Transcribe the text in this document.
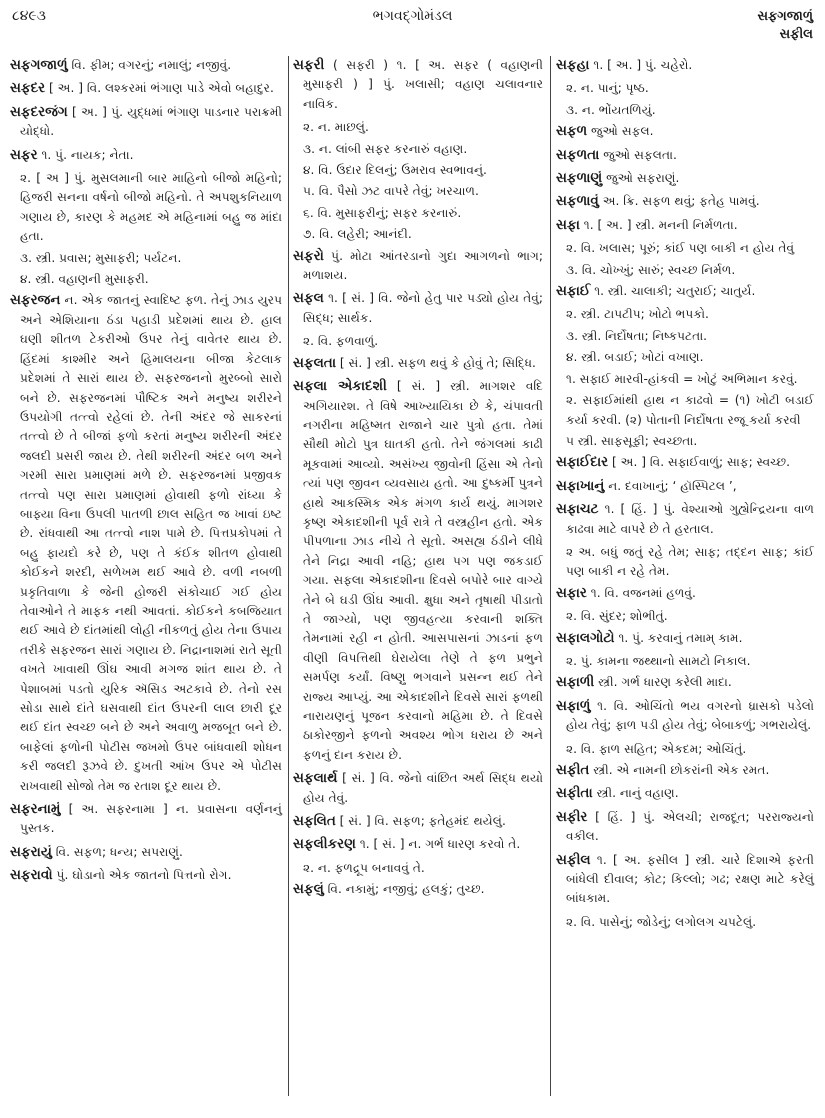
૮૪૯૩	ભગવદ્ગોમંડલ	સફગજાળું
સફીલ

સફગજાળું વિ. ફીમ; વગરનું; નમાલું; નજીવું.

સફદર [ અ. ] વિ. લશ્કરમાં ભંગાણ પાડે એવો બહાદુર.

સફદરજંગ [ અ. ] પું. યુદ્ધમાં ભંગાણ પાડનાર પરાક્રમી યોદ્ધો.

સફર ૧. પું. નાયક; નેતા.

૨. [ અ ] પું. મુસલમાની બાર માહિનો બીજો મહિનો; હિજરી સનના વર્ષનો બીજો મહિનો. તે અપશુકનિયાળ ગણાય છે, કારણ કે મહમદ એ મહિનામાં બહુ જ માંદા હતા.

૩. સ્ત્રી. પ્રવાસ; મુસાફરી; પર્યટન.

૪. સ્ત્રી. વહાણની મુસાફરી.

સફરજન ન. એક જાતનું સ્વાદિષ્ટ ફળ. તેનું ઝાડ યુરપ અને એશિયાના ઠંડા પહાડી પ્રદેશમાં થાય છે. હાલ ઘણી શીતળ ટેકરીઓ ઉપર તેનું વાવેતર થાય છે. હિંદમાં કાશ્મીર અને હિમાલયના બીજા કેટલાક પ્રદેશમાં તે સારાં થાય છે. સફરજનનો મુરબ્બો સારો બને છે. સફરજનમાં પૌષ્ટિક અને મનુષ્ય શરીરને ઉપયોગી તત્ત્વો રહેલાં છે. તેની અંદર જે સાકરનાં તત્ત્વો છે તે બીજાં ફળો કરતાં મનુષ્ય શરીરની અંદર જલદી પ્રસરી જાય છે. તેથી શરીરની અંદર બળ અને ગરમી સારા પ્રમાણમાં મળે છે. સફરજનમાં પ્રજીવક તત્ત્વો પણ સારા પ્રમાણમાં હોવાથી ફળો રાંધ્યા કે બાફ્યા વિના ઉપલી પાતળી છાલ સહિત જ ખાવાં ઇષ્ટ છે. રાંધવાથી આ તત્ત્વો નાશ પામે છે. પિત્તપ્રકોપમાં તે બહુ ફાયદો કરે છે, પણ તે કંઈક શીતળ હોવાથી કોઈકને શરદી, સળેખમ થઈ આવે છે. વળી નબળી પ્રકૃતિવાળા કે જેની હોજરી સંકોચાઈ ગઈ હોય તેવાઓને તે માફક નથી આવતાં. કોઈકને કબજિયાત થઈ આવે છે દાંતમાંથી લોહી નીકળતું હોય તેના ઉપાય તરીકે સફરજન સારાં ગણાય છે. નિદ્રાનાશમાં રાતે સૂતી વખતે ખાવાથી ઊંઘ આવી મગજ શાંત થાય છે. તે પેશાબમાં પડતો યુરિક ઍસિડ અટકાવે છે. તેનો રસ સોડા સાથે દાંતે ઘસવાથી દાંત ઉપરની લાલ છારી દૂર થઈ દાંત સ્વચ્છ બને છે અને અવાળુ મજબૂત બને છે. બાફેલાં ફળોની પોટીસ જખમો ઉપર બાંધવાથી શોધન કરી જલદી રૂઝવે છે. દુખતી આંખ ઉપર એ પોટીસ રાખવાથી સોજો તેમ જ રતાશ દૂર થાય છે.

સફરનામું [ અ. સફરનામા ] ન. પ્રવાસના વર્ણનનું પુસ્તક.

સફરાયું વિ. સફળ; ધન્ય; સપરાણું.

સફરાવો પું. ઘોડાનો એક જાતનો પિત્તનો રોગ.

સફરી ( સફરી ) ૧. [ અ. સફર ( વહાણની મુસાફરી ) ] પું. ખલાસી; વહાણ ચલાવનાર નાવિક.

૨. ન. માછલું.

૩. ન. લાંબી સફર કરનારું વહાણ.

૪. વિ. ઉદાર દિલનું; ઉમરાવ સ્વભાવનું.

૫. વિ. પૈસો ઝટ વાપરે તેવું; ખરચાળ.

૬. વિ. મુસાફરીનું; સફર કરનારું.

૭. વિ. લહેરી; આનંદી.

સફરો પું. મોટા આંતરડાનો ગુદા આગળનો ભાગ; મળાશય.

સફલ ૧. [ સં. ] વિ. જેનો હેતુ પાર પડ્યો હોય તેવું; સિદ્ધ; સાર્થક.

૨. વિ. ફળવાળું.

સફલતા [ સં. ] સ્ત્રી. સફળ થવું કે હોવું તે; સિદ્ધિ.

સફલા એકાદશી [ સં. ] સ્ત્રી. માગશર વદિ અગિયારશ. તે વિષે આખ્યાયિકા છે કે, ચંપાવતી નગરીના મહિષ્મત રાજાને ચાર પુત્રો હતા. તેમાં સૌથી મોટો પુત્ર ઘાતકી હતો. તેને જંગલમાં કાઢી મૂકવામાં આવ્યો. અસંખ્ય જીવોની હિંસા એ તેનો ત્યાં પણ જીવન વ્યવસાય હતો. આ દુષ્કર્મી પુત્રને હાથે આકસ્મિક એક મંગળ કાર્ય થયું. માગશર કૃષ્ણ એકાદશીની પૂર્વ રાત્રે તે વસ્ત્રહીન હતો. એક પીપળાના ઝાડ નીચે તે સૂતો. અસહ્ય ઠંડીને લીધે તેને નિદ્રા આવી નહિ; હાથ પગ પણ જકડાઈ ગયા. સફલા એકાદશીના દિવસે બપોરે બાર વાગ્યે તેને બે ઘડી ઊંઘ આવી. ક્ષુધા અને તૃષાથી પીડાતો તે જાગ્યો, પણ જીવહત્યા કરવાની શક્તિ તેમનામાં રહી ન હોતી. આસપાસનાં ઝાડનાં ફળ વીણી વિપત્તિથી ઘેરાયેલા તેણે તે ફળ પ્રભુને સમર્પણ કર્યાં. વિષ્ણુ ભગવાને પ્રસન્ન થઈ તેને રાજ્ય આપ્યું. આ એકાદશીને દિવસે સારાં ફળથી નારાયણનું પૂજન કરવાનો મહિમા છે. તે દિવસે ઠાકોરજીને ફળનો અવશ્ય ભોગ ધરાય છે અને ફળનું દાન કરાય છે.

સફલાર્થ [ સં. ] વિ. જેનો વાંછિત અર્થ સિદ્ધ થયો હોય તેવું.

સફલિત [ સં. ] વિ. સફળ; ફતેહમંદ થયેલું.

સફલીકરણ ૧. [ સં. ] ન. ગર્ભ ધારણ કરવો તે.

૨. ન. ફળદ્રૂપ બનાવવું તે.

સફલું વિ. નકામું; નજીવું; હલકું; તુચ્છ.

સફહા ૧. [ અ. ] પું. ચહેરો.

૨. ન. પાનું; પૃષ્ઠ.

૩. ન. ભોંયતળિયું.

સફળ જુઓ સફલ.

સફળતા જુઓ સફલતા.

સફળાણું જુઓ સફરાણું.

સફળાવું અ. ક્રિ. સફળ થવું; ફતેહ પામવું.

સફા ૧. [ અ. ] સ્ત્રી. મનની નિર્મળતા.

૨. વિ. ખલાસ; પૂરું; કાંઈ પણ બાકી ન હોય તેવું

૩. વિ. ચોખ્ખું; સારું; સ્વચ્છ નિર્મળ.

સફાઈ ૧. સ્ત્રી. ચાલાકી; ચતુરાઈ; ચાતુર્ય.

૨. સ્ત્રી. ટાપટીપ; ખોટો ભપકો.

૩. સ્ત્રી. નિર્દોષતા; નિષ્કપટતા.

૪. સ્ત્રી. બડાઈ; ખોટાં વખાણ.

૧. સફાઈ મારવી-હાંકવી = ખોટું અભિમાન કરવું.

૨. સફાઈમાંથી હાથ ન કાઢવો = (૧) ખોટી બડાઈ કર્યા કરવી. (૨) પોતાની નિર્દોષતા રજૂ કર્યા કરવી

૫ સ્ત્રી. સાફસૂફી; સ્વચ્છતા.

સફાઈદાર [ અ. ] વિ. સફાઈવાળું; સાફ; સ્વચ્છ.

સફાખાનું ન. દવાખાનું; ‘ હૉસ્પિટલ ’,

સફાચટ ૧. [ હિં. ] પું. વેશ્યાઓ ગુહ્યેન્દ્રિયના વાળ કાઢવા માટે વાપરે છે તે હરતાલ.

૨ અ. બધું જતું રહે તેમ; સાફ; તદ્દન સાફ; કાંઈ પણ બાકી ન રહે તેમ.

સફાર ૧. વિ. વજનમાં હળવું.

૨. વિ. સુંદર; શોભીતું.

સફાલગોટો ૧. પું. કરવાનું તમામ્ કામ.

૨. પું. કામના જથ્થાનો સામટો નિકાલ.

સફાળી સ્ત્રી. ગર્ભ ધારણ કરેલી માદા.

સફાળું ૧. વિ. ઓચિંતો ભય વગરનો ધ્રાસકો પડેલો હોય તેવું; ફાળ પડી હોય તેવું; બેબાકળું; ગભરાયેલું.

૨. વિ. ફાળ સહિત; એકદમ; ઓચિંતું.

સફીત સ્ત્રી. એ નામની છોકરાંની એક રમત.

સફીતા સ્ત્રી. નાનું વહાણ.

સફીર [ હિં. ] પું. એલચી; રાજદૂત; પરરાજ્યનો વકીલ.

સફીલ ૧. [ અ. ફસીલ ] સ્ત્રી. ચારે દિશાએ ફરતી બાંધેલી દીવાલ; કોટ; કિલ્લો; ગઢ; રક્ષણ માટે કરેલું બાંધકામ.

૨. વિ. પાસેનું; જોડેનું; લગોલગ ચપટેલું.
